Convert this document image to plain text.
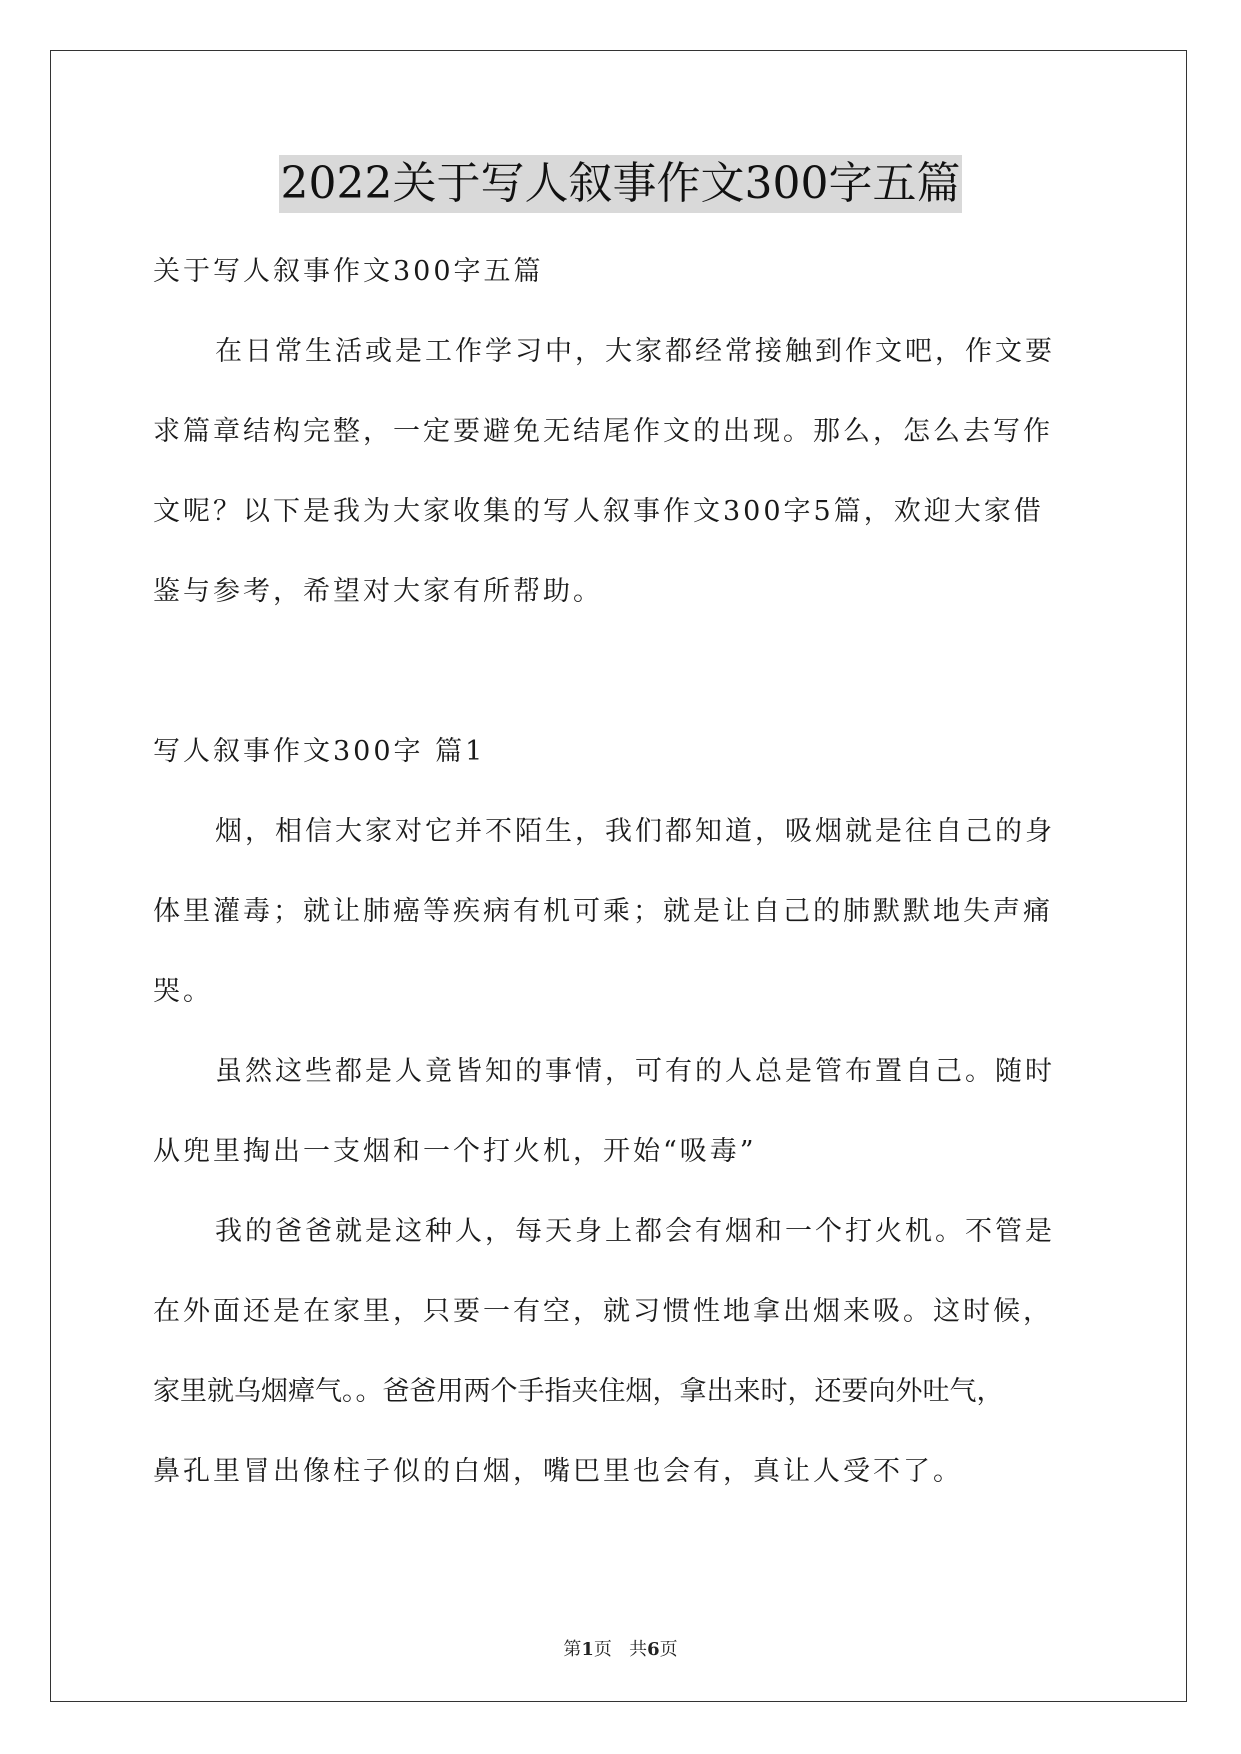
2022关于写人叙事作文300字五篇

关于写人叙事作文300字五篇

在日常生活或是工作学习中，大家都经常接触到作文吧，作文要

求篇章结构完整，一定要避免无结尾作文的出现。那么，怎么去写作

文呢？以下是我为大家收集的写人叙事作文300字5篇，欢迎大家借

鉴与参考，希望对大家有所帮助。

写人叙事作文300字 篇1

烟，相信大家对它并不陌生，我们都知道，吸烟就是往自己的身

体里灌毒；就让肺癌等疾病有机可乘；就是让自己的肺默默地失声痛

哭。

虽然这些都是人竟皆知的事情，可有的人总是管布置自己。随时

从兜里掏出一支烟和一个打火机，开始“吸毒”

我的爸爸就是这种人，每天身上都会有烟和一个打火机。不管是

在外面还是在家里，只要一有空，就习惯性地拿出烟来吸。这时候，

家里就乌烟瘴气。。爸爸用两个手指夹住烟，拿出来时，还要向外吐气，

鼻孔里冒出像柱子似的白烟，嘴巴里也会有，真让人受不了。

第1页   共6页
